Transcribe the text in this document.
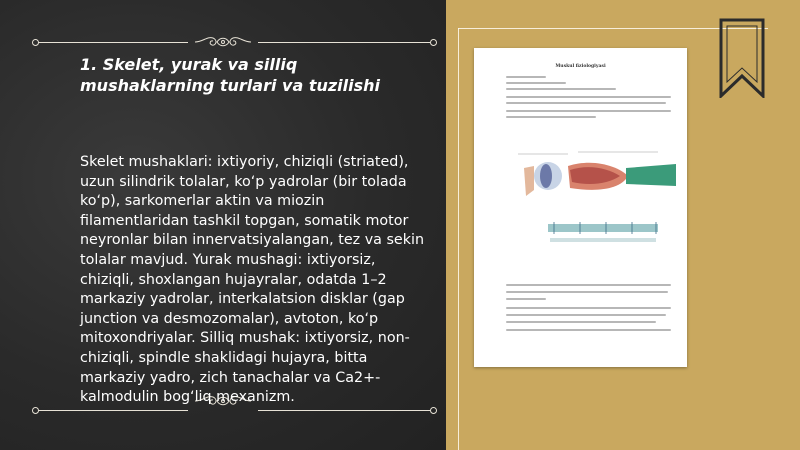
1. Skelet, yurak va silliq mushaklarning turlari va tuzilishi

Skelet mushaklari: ixtiyoriy, chiziqli (striated), uzun silindrik tolalar, ko‘p yadrolar (bir tolada ko‘p), sarkomerlar aktin va miozin filamentlaridan tashkil topgan, somatik motor neyronlar bilan innervatsiyalangan, tez va sekin tolalar mavjud. Yurak mushagi: ixtiyorsiz, chiziqli, shoxlangan hujayralar, odatda 1–2 markaziy yadrolar, interkalatsion disklar (gap junction va desmozomalar), avtoton, ko‘p mitoxondriyalar. Silliq mushak: ixtiyorsiz, non-chiziqli, spindle shaklidagi hujayra, bitta markaziy yadro, zich tanachalar va Ca2+-kalmodulin bog‘liq mexanizm.

Muskul fiziologiyasi
